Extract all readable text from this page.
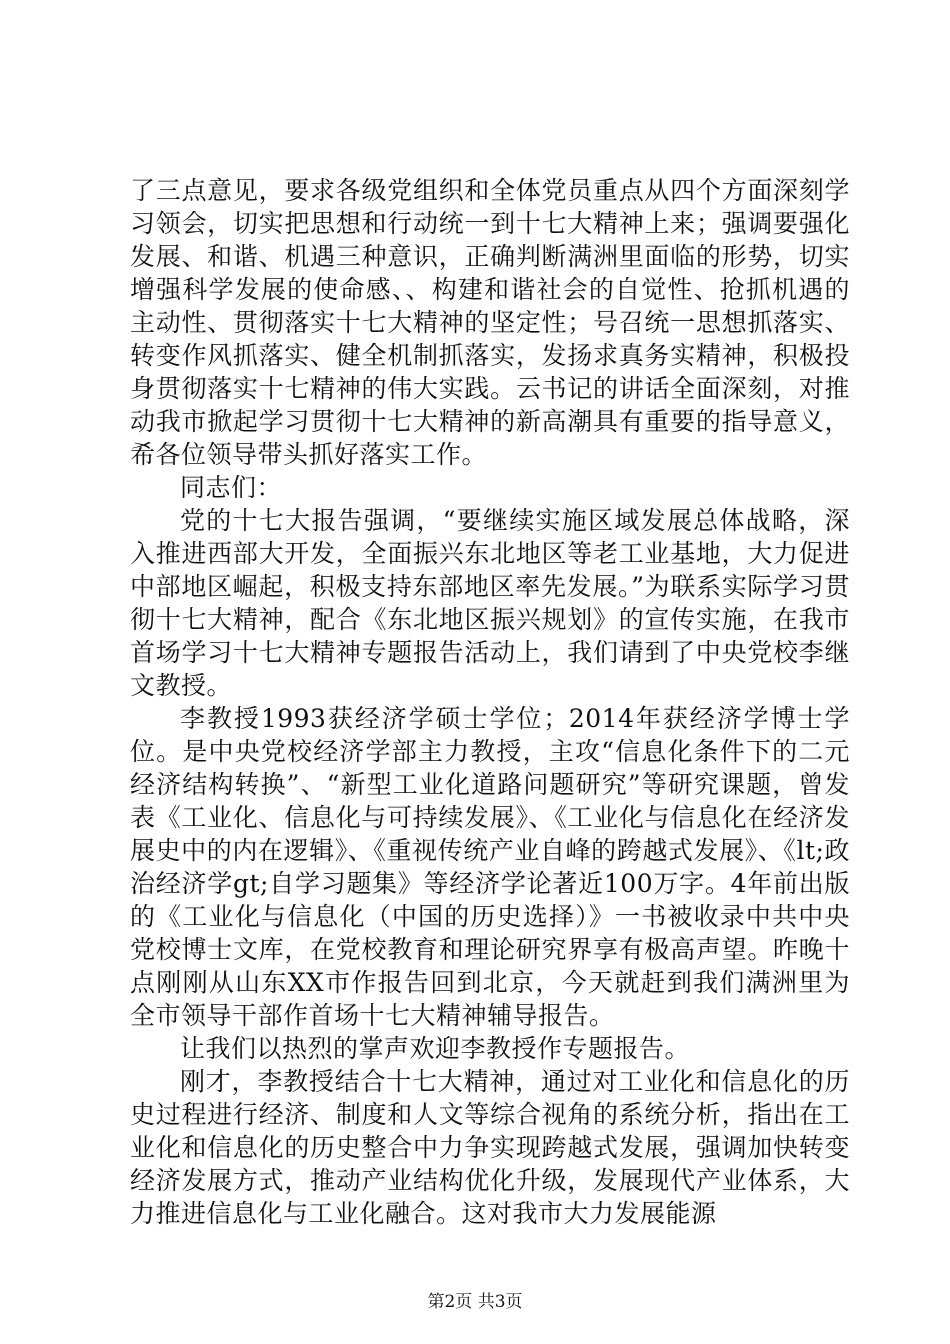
了三点意见，要求各级党组织和全体党员重点从四个方面深刻学习领会，切实把思想和行动统一到十七大精神上来；强调要强化发展、和谐、机遇三种意识，正确判断满洲里面临的形势，切实增强科学发展的使命感、、构建和谐社会的自觉性、抢抓机遇的主动性、贯彻落实十七大精神的坚定性；号召统一思想抓落实、转变作风抓落实、健全机制抓落实，发扬求真务实精神，积极投身贯彻落实十七精神的伟大实践。云书记的讲话全面深刻，对推动我市掀起学习贯彻十七大精神的新高潮具有重要的指导意义，希各位领导带头抓好落实工作。

同志们：

党的十七大报告强调，“要继续实施区域发展总体战略，深入推进西部大开发，全面振兴东北地区等老工业基地，大力促进中部地区崛起，积极支持东部地区率先发展。”为联系实际学习贯彻十七大精神，配合《东北地区振兴规划》的宣传实施，在我市首场学习十七大精神专题报告活动上，我们请到了中央党校李继文教授。

李教授1993获经济学硕士学位；2014年获经济学博士学位。是中央党校经济学部主力教授，主攻“信息化条件下的二元经济结构转换”、“新型工业化道路问题研究”等研究课题，曾发表《工业化、信息化与可持续发展》、《工业化与信息化在经济发展史中的内在逻辑》、《重视传统产业自峰的跨越式发展》、《lt;政治经济学gt;自学习题集》等经济学论著近100万字。4年前出版的《工业化与信息化（中国的历史选择）》一书被收录中共中央党校博士文库，在党校教育和理论研究界享有极高声望。昨晚十点刚刚从山东XX市作报告回到北京，今天就赶到我们满洲里为全市领导干部作首场十七大精神辅导报告。

让我们以热烈的掌声欢迎李教授作专题报告。

刚才，李教授结合十七大精神，通过对工业化和信息化的历史过程进行经济、制度和人文等综合视角的系统分析，指出在工业化和信息化的历史整合中力争实现跨越式发展，强调加快转变经济发展方式，推动产业结构优化升级，发展现代产业体系，大力推进信息化与工业化融合。这对我市大力发展能源

第2页 共3页
